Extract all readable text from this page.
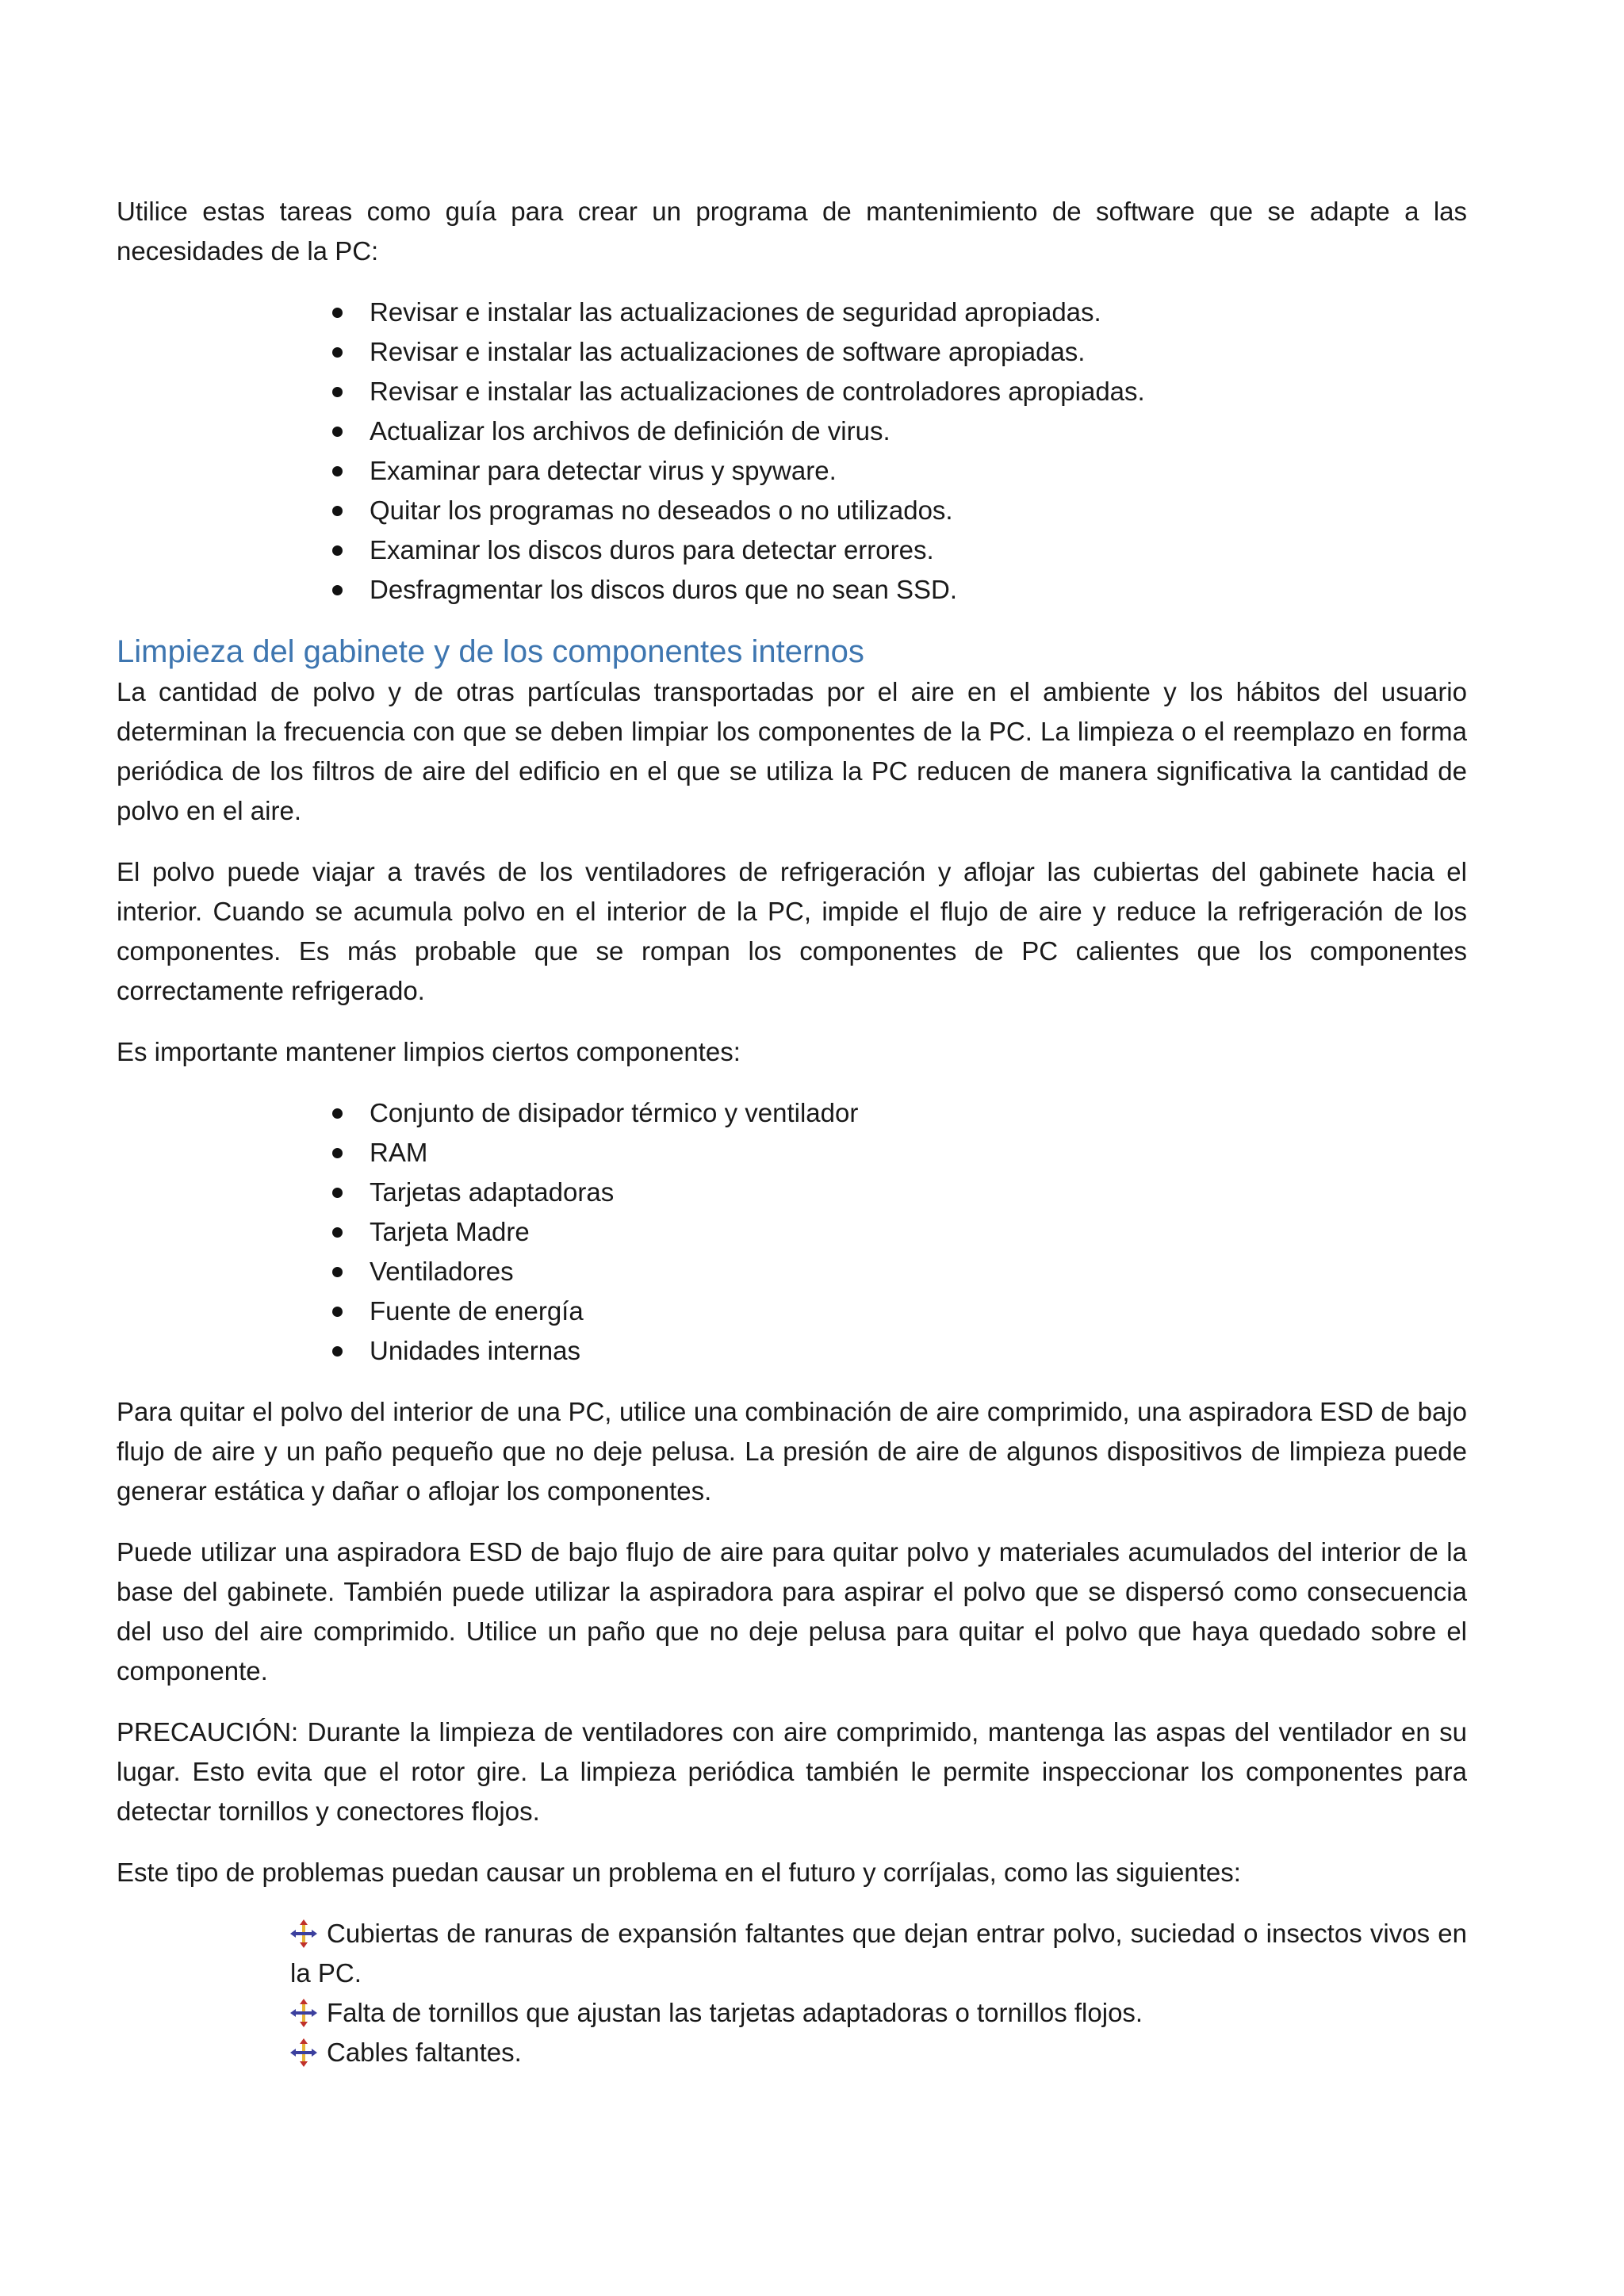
Utilice estas tareas como guía para crear un programa de mantenimiento de software que se adapte a las necesidades de la PC:

Revisar e instalar las actualizaciones de seguridad apropiadas.
Revisar e instalar las actualizaciones de software apropiadas.
Revisar e instalar las actualizaciones de controladores apropiadas.
Actualizar los archivos de definición de virus.
Examinar para detectar virus y spyware.
Quitar los programas no deseados o no utilizados.
Examinar los discos duros para detectar errores.
Desfragmentar los discos duros que no sean SSD.
Limpieza del gabinete y de los componentes internos

La cantidad de polvo y de otras partículas transportadas por el aire en el ambiente y los hábitos del usuario determinan la frecuencia con que se deben limpiar los componentes de la PC. La limpieza o el reemplazo en forma periódica de los filtros de aire del edificio en el que se utiliza la PC reducen de manera significativa la cantidad de polvo en el aire.

El polvo puede viajar a través de los ventiladores de refrigeración y aflojar las cubiertas del gabinete hacia el interior. Cuando se acumula polvo en el interior de la PC, impide el flujo de aire y reduce la refrigeración de los componentes. Es más probable que se rompan los componentes de PC calientes que los componentes correctamente refrigerado.

Es importante mantener limpios ciertos componentes:

Conjunto de disipador térmico y ventilador
RAM
Tarjetas adaptadoras
Tarjeta Madre
Ventiladores
Fuente de energía
Unidades internas

Para quitar el polvo del interior de una PC, utilice una combinación de aire comprimido, una aspiradora ESD de bajo flujo de aire y un paño pequeño que no deje pelusa. La presión de aire de algunos dispositivos de limpieza puede generar estática y dañar o aflojar los componentes.

Puede utilizar una aspiradora ESD de bajo flujo de aire para quitar polvo y materiales acumulados del interior de la base del gabinete. También puede utilizar la aspiradora para aspirar el polvo que se dispersó como consecuencia del uso del aire comprimido. Utilice un paño que no deje pelusa para quitar el polvo que haya quedado sobre el componente.

PRECAUCIÓN: Durante la limpieza de ventiladores con aire comprimido, mantenga las aspas del ventilador en su lugar. Esto evita que el rotor gire. La limpieza periódica también le permite inspeccionar los componentes para detectar tornillos y conectores flojos.

Este tipo de problemas puedan causar un problema en el futuro y corríjalas, como las siguientes:

Cubiertas de ranuras de expansión faltantes que dejan entrar polvo, suciedad o insectos vivos en la PC.
Falta de tornillos que ajustan las tarjetas adaptadoras o tornillos flojos.
Cables faltantes.
